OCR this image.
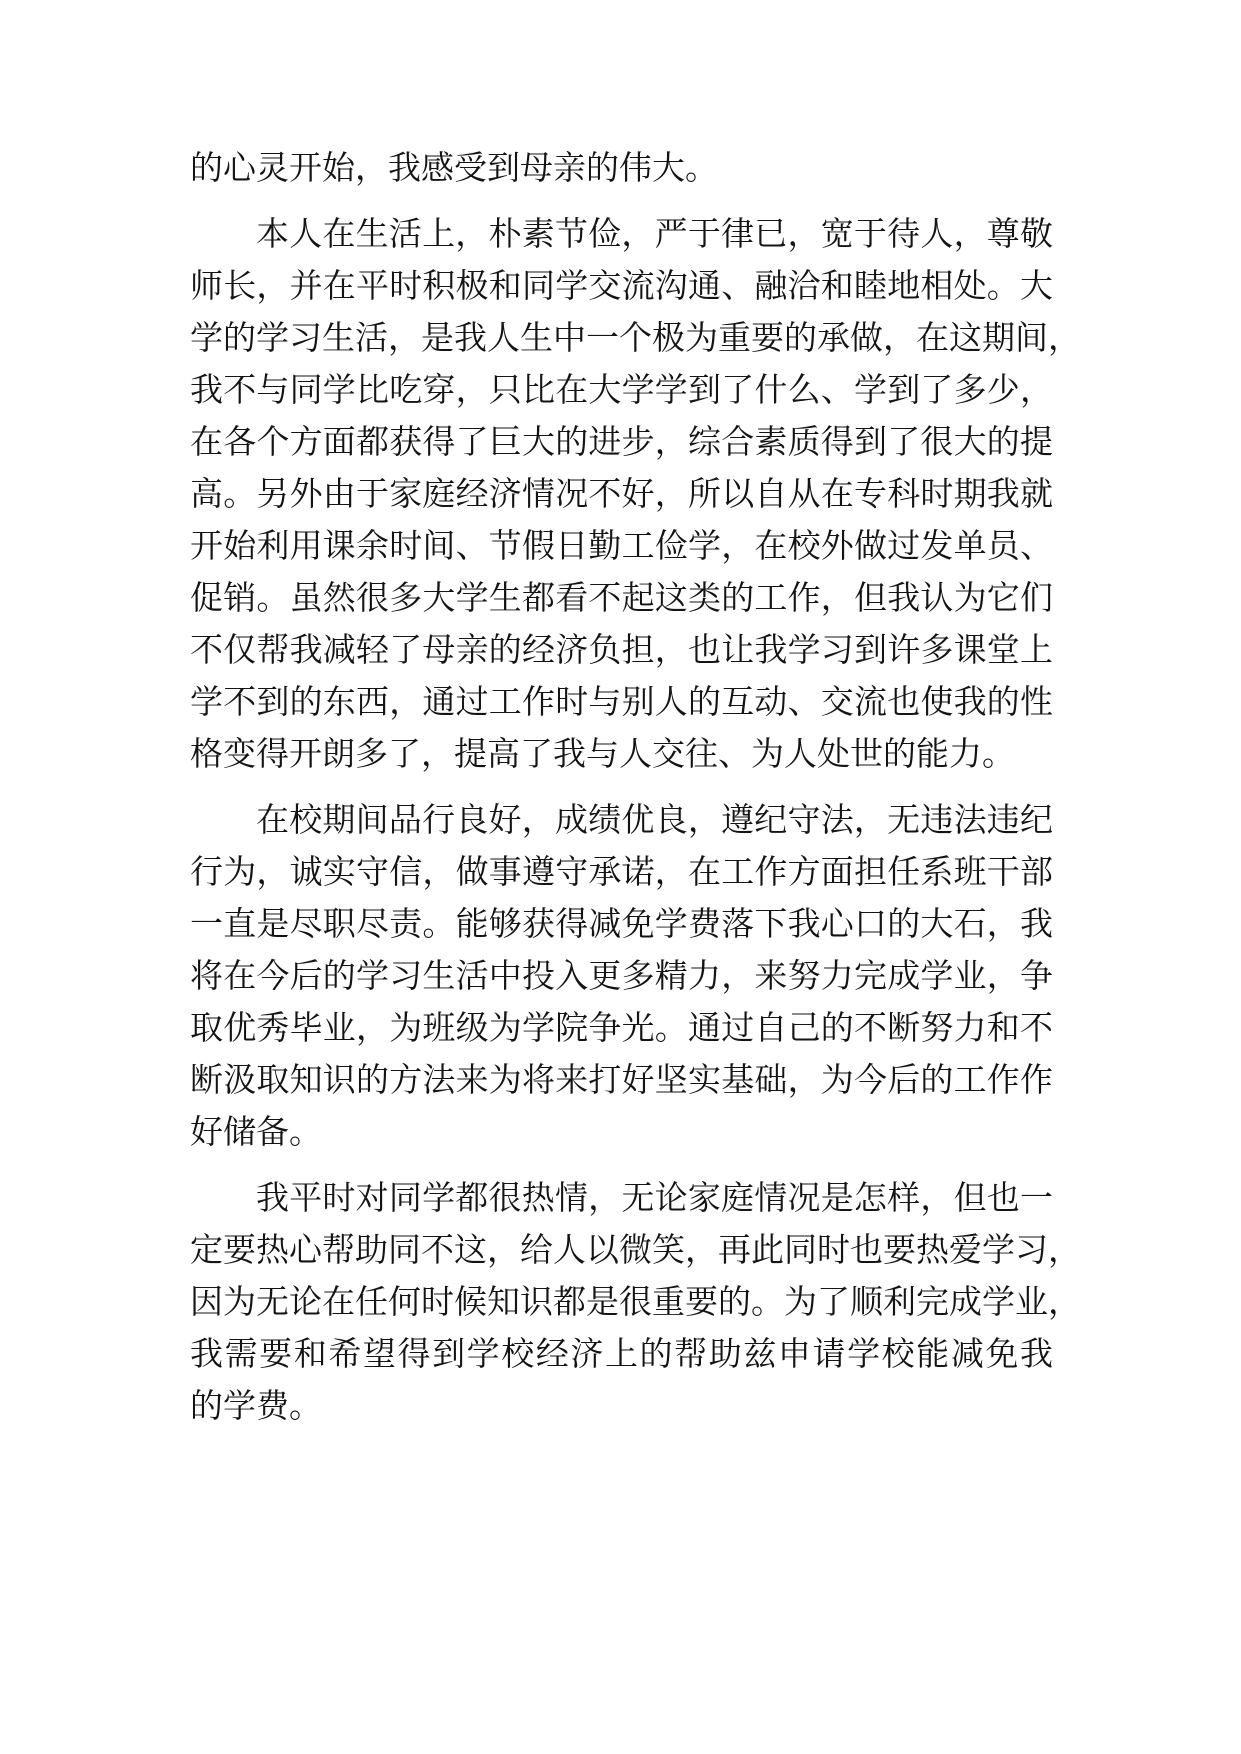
的心灵开始，我感受到母亲的伟大。
本人在生活上，朴素节俭，严于律已，宽于待人，尊敬
师长，并在平时积极和同学交流沟通、融洽和睦地相处。大
学的学习生活，是我人生中一个极为重要的承做，在这期间，
我不与同学比吃穿，只比在大学学到了什么、学到了多少，
在各个方面都获得了巨大的进步，综合素质得到了很大的提
高。另外由于家庭经济情况不好，所以自从在专科时期我就
开始利用课余时间、节假日勤工俭学，在校外做过发单员、
促销。虽然很多大学生都看不起这类的工作，但我认为它们
不仅帮我减轻了母亲的经济负担，也让我学习到许多课堂上
学不到的东西，通过工作时与别人的互动、交流也使我的性
格变得开朗多了，提高了我与人交往、为人处世的能力。
在校期间品行良好，成绩优良，遵纪守法，无违法违纪
行为，诚实守信，做事遵守承诺，在工作方面担任系班干部
一直是尽职尽责。能够获得减免学费落下我心口的大石，我
将在今后的学习生活中投入更多精力，来努力完成学业，争
取优秀毕业，为班级为学院争光。通过自己的不断努力和不
断汲取知识的方法来为将来打好坚实基础，为今后的工作作
好储备。
我平时对同学都很热情，无论家庭情况是怎样，但也一
定要热心帮助同不这，给人以微笑，再此同时也要热爱学习，
因为无论在任何时候知识都是很重要的。为了顺利完成学业，
我需要和希望得到学校经济上的帮助兹申请学校能减免我
的学费。
